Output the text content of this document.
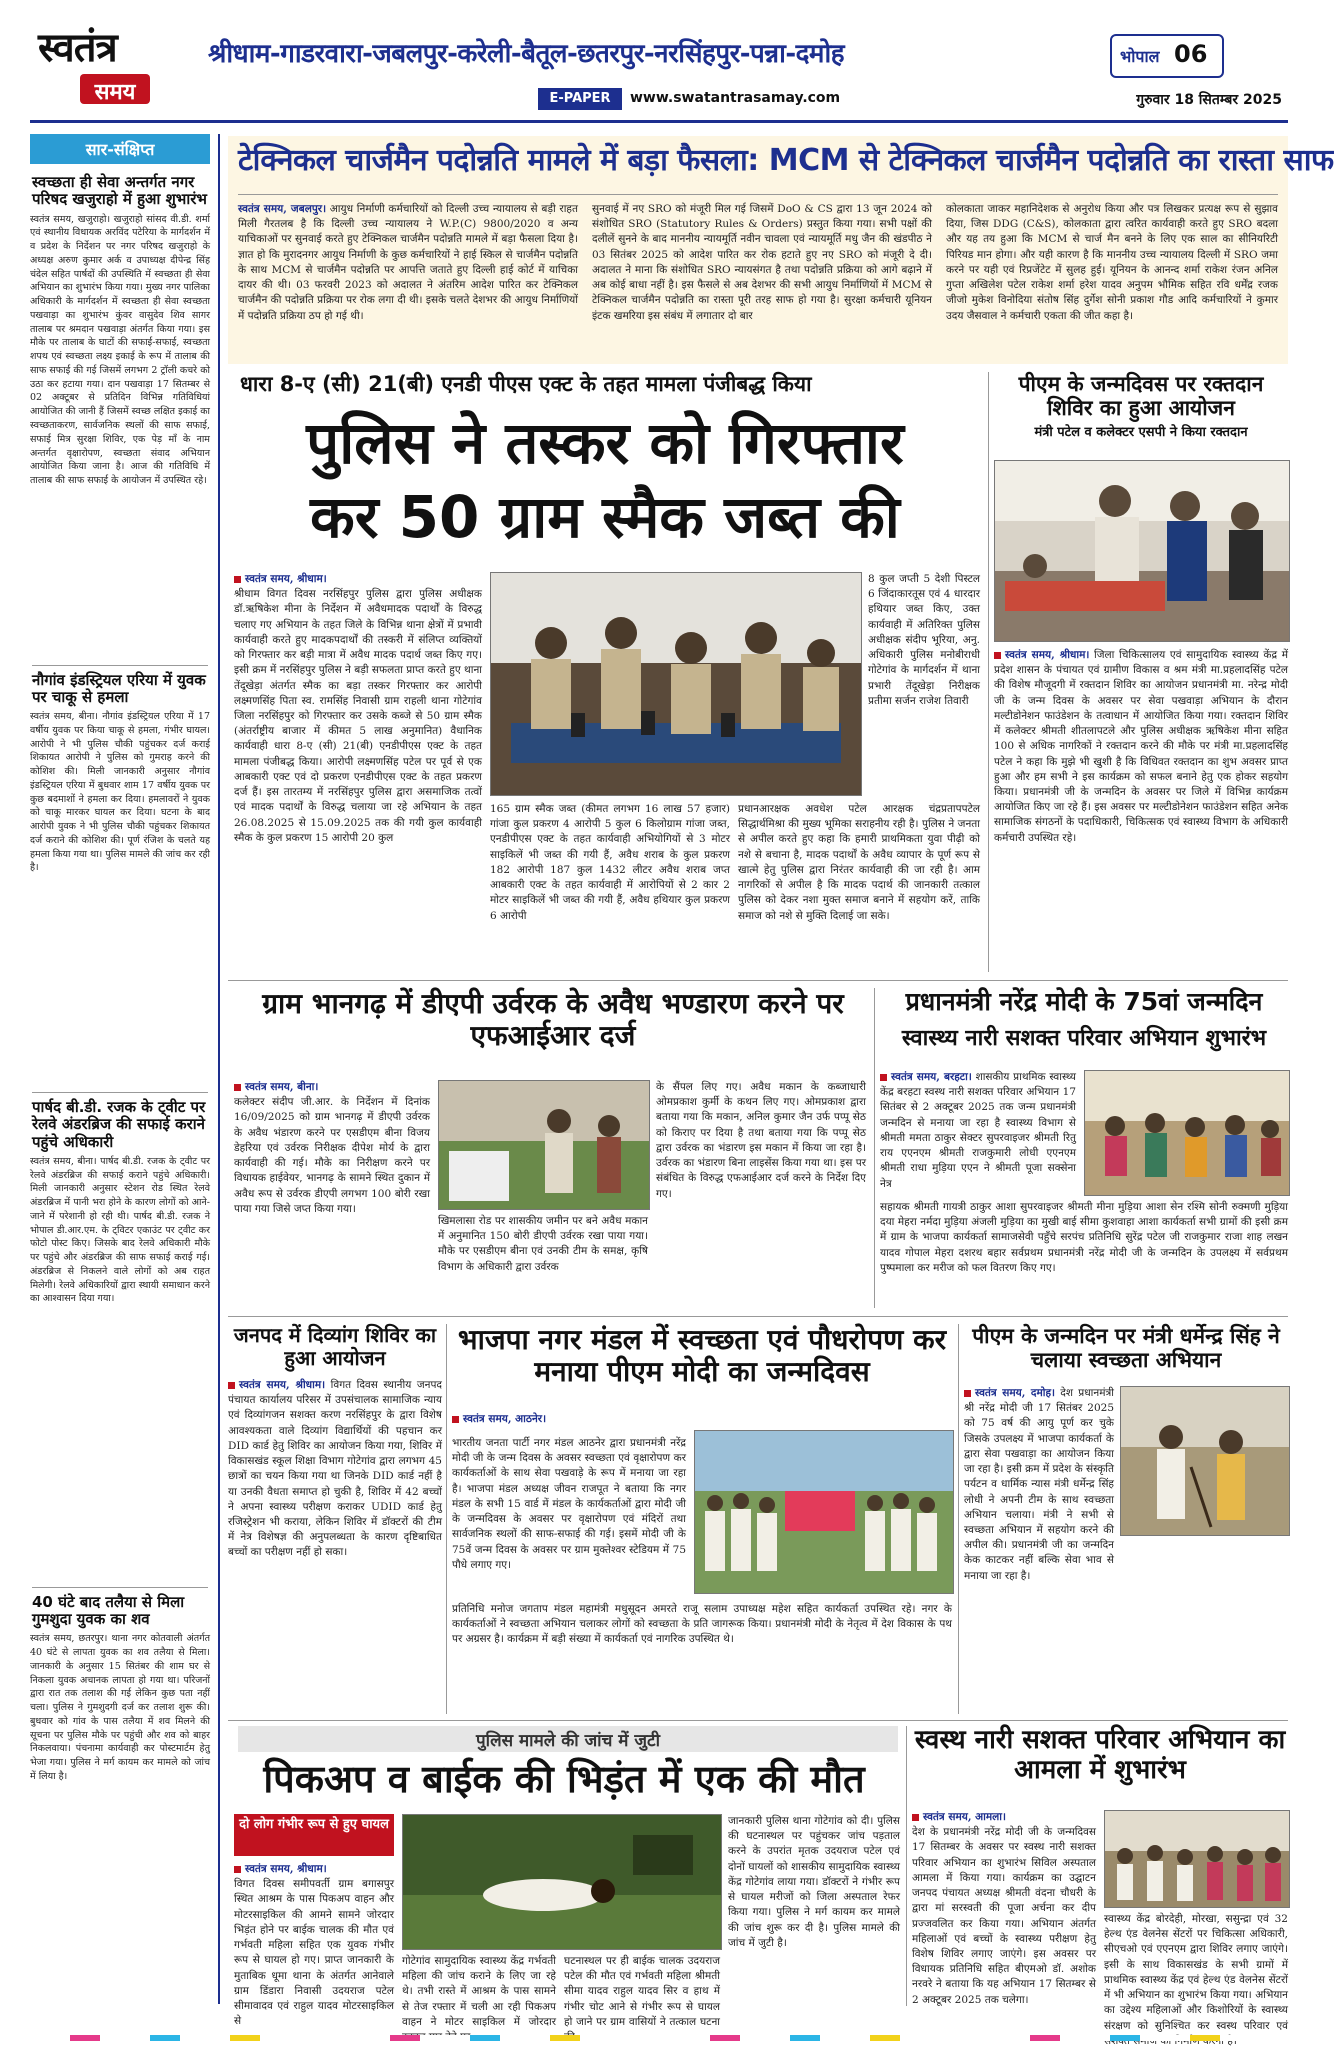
स्वतंत्र
समय
श्रीधाम-गाडरवारा-जबलपुर-करेली-बैतूल-छतरपुर-नरसिंहपुर-पन्ना-दमोह	भोपाल 06
E-PAPER	www.swatantrasamay.com	गुरुवार 18 सितम्बर 2025
सार-संक्षिप्त
स्वच्छता ही सेवा अन्तर्गत नगर परिषद खजुराहो में हुआ शुभारंभ
स्वतंत्र समय, खजुराहो। खजुराहो सांसद वी.डी. शर्मा एवं स्थानीय विधायक अरविंद पटेरिया के मार्गदर्शन में व प्रदेश के निर्देशन पर नगर परिषद खजुराहो के अध्यक्ष अरुण कुमार अर्क व उपाध्यक्ष दीपेन्द्र सिंह चंदेल सहित पार्षदों की उपस्थिति में स्वच्छता ही सेवा अभियान का शुभारंभ किया गया। मुख्य नगर पालिका अधिकारी के मार्गदर्शन में स्वच्छता ही सेवा स्वच्छता पखवाड़ा का शुभारंभ कुंवर वासुदेव शिव सागर तालाब पर श्रमदान पखवाड़ा अंतर्गत किया गया। इस मौके पर तालाब के घाटों की सफाई-सफाई, स्वच्छता शपथ एवं स्वच्छता लक्ष्य इकाई के रूप में तालाब की साफ सफाई की गई जिसमें लगभग 2 ट्रॉली कचरे को उठा कर हटाया गया। दान पखवाड़ा 17 सितम्बर से 02 अक्टूबर से प्रतिदिन विभिन्न गतिविधियां आयोजित की जानी हैं जिसमें स्वच्छ लक्षित इकाई का स्वच्छताकरण, सार्वजनिक स्थलों की साफ सफाई, सफाई मित्र सुरक्षा शिविर, एक पेड़ माँ के नाम अन्तर्गत वृक्षारोपण, स्वच्छता संवाद अभियान आयोजित किया जाना है। आज की गतिविधि में तालाब की साफ सफाई के आयोजन में उपस्थित रहे।
नौगांव इंडस्ट्रियल एरिया में युवक पर चाकू से हमला
स्वतंत्र समय, बीना। नौगांव इंडस्ट्रियल एरिया में 17 वर्षीय युवक पर किया चाकू से हमला, गंभीर घायल। आरोपी ने भी पुलिस चौकी पहुंचकर दर्ज कराई शिकायत आरोपी ने पुलिस को गुमराह करने की कोशिश की। मिली जानकारी अनुसार नौगांव इंडस्ट्रियल एरिया में बुधवार शाम 17 वर्षीय युवक पर कुछ बदमाशों ने हमला कर दिया। हमलावरों ने युवक को चाकू मारकर घायल कर दिया। घटना के बाद आरोपी युवक ने भी पुलिस चौकी पहुंचकर शिकायत दर्ज कराने की कोशिश की। पूर्ण रंजिश के चलते यह हमला किया गया था। पुलिस मामले की जांच कर रही है।
पार्षद बी.डी. रजक के ट्वीट पर रेलवे अंडरब्रिज की सफाई कराने पहुंचे अधिकारी
स्वतंत्र समय, बीना। पार्षद बी.डी. रजक के ट्वीट पर रेलवे अंडरब्रिज की सफाई कराने पहुंचे अधिकारी। मिली जानकारी अनुसार स्टेशन रोड स्थित रेलवे अंडरब्रिज में पानी भरा होने के कारण लोगों को आने-जाने में परेशानी हो रही थी। पार्षद बी.डी. रजक ने भोपाल डी.आर.एम. के ट्विटर एकाउंट पर ट्वीट कर फोटो पोस्ट किए। जिसके बाद रेलवे अधिकारी मौके पर पहुंचे और अंडरब्रिज की साफ सफाई कराई गई। अंडरब्रिज से निकलने वाले लोगों को अब राहत मिलेगी। रेलवे अधिकारियों द्वारा स्थायी समाधान करने का आश्वासन दिया गया।
40 घंटे बाद तलैया से मिला गुमशुदा युवक का शव
स्वतंत्र समय, छतरपुर। थाना नगर कोतवाली अंतर्गत 40 घंटे से लापता युवक का शव तलैया से मिला। जानकारी के अनुसार 15 सितंबर की शाम घर से निकला युवक अचानक लापता हो गया था। परिजनों द्वारा रात तक तलाश की गई लेकिन कुछ पता नहीं चला। पुलिस ने गुमशुदगी दर्ज कर तलाश शुरू की। बुधवार को गांव के पास तलैया में शव मिलने की सूचना पर पुलिस मौके पर पहुंची और शव को बाहर निकलवाया। पंचनामा कार्यवाही कर पोस्टमार्टम हेतु भेजा गया। पुलिस ने मर्ग कायम कर मामले को जांच में लिया है।
टेक्निकल चार्जमैन पदोन्नति मामले में बड़ा फैसला: MCM से टेक्निकल चार्जमैन पदोन्नति का रास्ता साफ
स्वतंत्र समय, जबलपुर। आयुध निर्माणी कर्मचारियों को दिल्ली उच्च न्यायालय से बड़ी राहत मिली गैरतलब है कि दिल्ली उच्च न्यायालय ने W.P.(C) 9800/2020 व अन्य याचिकाओं पर सुनवाई करते हुए टेक्निकल चार्जमैन पदोन्नति मामले में बड़ा फैसला दिया है। ज्ञात हो कि मुरादनगर आयुध निर्माणी के कुछ कर्मचारियों ने हाई स्किल से चार्जमैन पदोन्नति के साथ MCM से चार्जमैन पदोन्नति पर आपत्ति जताते हुए दिल्ली हाई कोर्ट में याचिका दायर की थी। 03 फरवरी 2023 को अदालत ने अंतरिम आदेश पारित कर टेक्निकल चार्जमैन की पदोन्नति प्रक्रिया पर रोक लगा दी थी। इसके चलते देशभर की आयुध निर्माणियों में पदोन्नति प्रक्रिया ठप हो गई थी।
सुनवाई में नए SRO को मंजूरी मिल गई जिसमें DoO & CS द्वारा 13 जून 2024 को संशोधित SRO (Statutory Rules & Orders) प्रस्तुत किया गया। सभी पक्षों की दलीलें सुनने के बाद माननीय न्यायमूर्ति नवीन चावला एवं न्यायमूर्ति मधु जैन की खंडपीठ ने 03 सितंबर 2025 को आदेश पारित कर रोक हटाते हुए नए SRO को मंजूरी दे दी। अदालत ने माना कि संशोधित SRO न्यायसंगत है तथा पदोन्नति प्रक्रिया को आगे बढ़ाने में अब कोई बाधा नहीं है। इस फैसले से अब देशभर की सभी आयुध निर्माणियों में MCM से टेक्निकल चार्जमैन पदोन्नति का रास्ता पूरी तरह साफ हो गया है। सुरक्षा कर्मचारी यूनियन इंटक खमरिया इस संबंध में लगातार दो बार
कोलकाता जाकर महानिदेशक से अनुरोध किया और पत्र लिखकर प्रत्यक्ष रूप से सुझाव दिया, जिस DDG (C&S), कोलकाता द्वारा त्वरित कार्यवाही करते हुए SRO बदला और यह तय हुआ कि MCM से चार्ज मैन बनने के लिए एक साल का सीनियरिटी पिरियड मान होगा। और यही कारण है कि माननीय उच्च न्यायालय दिल्ली में SRO जमा करने पर यही एवं रिप्रजेंटेट में सुलह हुई। यूनियन के आनन्द शर्मा राकेश रंजन अनिल गुप्ता अखिलेश पटेल राकेश शर्मा हरेश यादव अनुपम भौमिक सहित रवि धर्मेंद्र रजक जीजो मुकेश विनोदिया संतोष सिंह दुर्गेश सोनी प्रकाश गौड आदि कर्मचारियों ने कुमार उदय जैसवाल ने कर्मचारी एकता की जीत कहा है।
धारा 8-ए (सी) 21(बी) एनडी पीएस एक्ट के तहत मामला पंजीबद्ध किया
पुलिस ने तस्कर को गिरफ्तार
कर 50 ग्राम स्मैक जब्त की
स्वतंत्र समय, श्रीधाम।
श्रीधाम विगत दिवस नरसिंहपुर पुलिस द्वारा पुलिस अधीक्षक डॉ.ऋषिकेश मीना के निर्देशन में अवैधमादक पदार्थों के विरुद्ध चलाए गए अभियान के तहत जिले के विभिन्न थाना क्षेत्रों में प्रभावी कार्यवाही करते हुए मादकपदार्थों की तस्करी में संलिप्त व्यक्तियों को गिरफ्तार कर बड़ी मात्रा में अवैध मादक पदार्थ जब्त किए गए। इसी क्रम में नरसिंहपुर पुलिस ने बड़ी सफलता प्राप्त करते हुए थाना तेंदूखेड़ा अंतर्गत स्मैक का बड़ा तस्कर गिरफ्तार कर आरोपी लक्ष्मणसिंह पिता स्व. रामसिंह निवासी ग्राम राहली थाना गोटेगांव जिला नरसिंहपुर को गिरफ्तार कर उसके कब्जे से 50 ग्राम स्मैक (अंतर्राष्ट्रीय बाजार में कीमत 5 लाख अनुमानित) वैधानिक कार्यवाही धारा 8-ए (सी) 21(बी) एनडीपीएस एक्ट के तहत मामला पंजीबद्ध किया। आरोपी लक्ष्मणसिंह पटेल पर पूर्व से एक आबकारी एक्ट एवं दो प्रकरण एनडीपीएस एक्ट के तहत प्रकरण दर्ज हैं। इस तारतम्य में नरसिंहपुर पुलिस द्वारा असमाजिक तत्वों एवं मादक पदार्थों के विरुद्ध चलाया जा रहे अभियान के तहत 26.08.2025 से 15.09.2025 तक की गयी कुल कार्यवाही स्मैक के कुल प्रकरण 15 आरोपी 20 कुल
8 कुल जप्ती 5 देशी पिस्टल 6 जिंदाकारतूस एवं 4 धारदार हथियार जब्त किए, उक्त कार्यवाही में अतिरिक्त पुलिस अधीक्षक संदीप भूरिया, अनु. अधिकारी पुलिस मनोबीराधी गोटेगांव के मार्गदर्शन में थाना प्रभारी तेंदूखेड़ा निरीक्षक प्रतीमा सर्जन राजेश तिवारी
165 ग्राम स्मैक जब्त (कीमत लगभग 16 लाख 57 हजार) गांजा कुल प्रकरण 4 आरोपी 5 कुल 6 किलोग्राम गांजा जब्त, एनडीपीएस एक्ट के तहत कार्यवाही अभियोगियों से 3 मोटर साइकिलें भी जब्त की गयी हैं, अवैध शराब के कुल प्रकरण 182 आरोपी 187 कुल 1432 लीटर अवैध शराब जप्त आबकारी एक्ट के तहत कार्यवाही में आरोपियों से 2 कार 2 मोटर साइकिलें भी जब्त की गयी हैं, अवैध हथियार कुल प्रकरण 6 आरोपी
प्रधानआरक्षक अवधेश पटेल आरक्षक चंद्रप्रतापपटेल सिद्धार्थमिश्रा की मुख्य भूमिका सराहनीय रही है। पुलिस ने जनता से अपील करते हुए कहा कि हमारी प्राथमिकता युवा पीढ़ी को नशे से बचाना है, मादक पदार्थों के अवैध व्यापार के पूर्ण रूप से खात्मे हेतु पुलिस द्वारा निरंतर कार्यवाही की जा रही है। आम नागरिकों से अपील है कि मादक पदार्थ की जानकारी तत्काल पुलिस को देकर नशा मुक्त समाज बनाने में सहयोग करें, ताकि समाज को नशे से मुक्ति दिलाई जा सके।
पीएम के जन्मदिवस पर रक्तदान शिविर का हुआ आयोजन
मंत्री पटेल व कलेक्टर एसपी ने किया रक्तदान
स्वतंत्र समय, श्रीधाम। जिला चिकित्सालय एवं सामुदायिक स्वास्थ्य केंद्र में प्रदेश शासन के पंचायत एवं ग्रामीण विकास व श्रम मंत्री मा.प्रहलादसिंह पटेल की विशेष मौजूदगी में रक्तदान शिविर का आयोजन प्रधानमंत्री मा. नरेन्द्र मोदी जी के जन्म दिवस के अवसर पर सेवा पखवाड़ा अभियान के दौरान मल्टीडोनेशन फाउंडेशन के तत्वाधान में आयोजित किया गया। रक्तदान शिविर में कलेक्टर श्रीमती शीतलापटले और पुलिस अधीक्षक ऋषिकेश मीना सहित 100 से अधिक नागरिकों ने रक्तदान करने की मौके पर मंत्री मा.प्रहलादसिंह पटेल ने कहा कि मुझे भी खुशी है कि विधिवत रक्तदान का शुभ अवसर प्राप्त हुआ और हम सभी ने इस कार्यक्रम को सफल बनाने हेतु एक होकर सहयोग किया। प्रधानमंत्री जी के जन्मदिन के अवसर पर जिले में विभिन्न कार्यक्रम आयोजित किए जा रहे हैं। इस अवसर पर मल्टीडोनेशन फाउंडेशन सहित अनेक सामाजिक संगठनों के पदाधिकारी, चिकित्सक एवं स्वास्थ्य विभाग के अधिकारी कर्मचारी उपस्थित रहे।
ग्राम भानगढ़ में डीएपी उर्वरक के अवैध भण्डारण करने पर एफआईआर दर्ज
स्वतंत्र समय, बीना।
कलेक्टर संदीप जी.आर. के निर्देशन में दिनांक 16/09/2025 को ग्राम भानगढ़ में डीएपी उर्वरक के अवैध भंडारण करने पर एसडीएम बीना विजय डेहरिया एवं उर्वरक निरीक्षक दीपेश मोर्य के द्वारा कार्यवाही की गई। मौके का निरीक्षण करने पर विधायक हाईवेयर, भानगढ़ के सामने स्थित दुकान में अवैध रूप से उर्वरक डीएपी लगभग 100 बोरी रखा पाया गया जिसे जप्त किया गया।
खिमलासा रोड पर शासकीय जमीन पर बने अवैध मकान में अनुमानित 150 बोरी डीएपी उर्वरक रखा पाया गया। मौके पर एसडीएम बीना एवं उनकी टीम के समक्ष, कृषि विभाग के अधिकारी द्वारा उर्वरक
के सैंपल लिए गए। अवैध मकान के कब्जाधारी ओमप्रकाश कुर्मी के कथन लिए गए। ओमप्रकाश द्वारा बताया गया कि मकान, अनिल कुमार जैन उर्फ पप्पू सेठ को किराए पर दिया है तथा बताया गया कि पप्पू सेठ द्वारा उर्वरक का भंडारण इस मकान में किया जा रहा है। उर्वरक का भंडारण बिना लाइसेंस किया गया था। इस पर संबंधित के विरुद्ध एफआईआर दर्ज करने के निर्देश दिए गए।
प्रधानमंत्री नरेंद्र मोदी के 75वां जन्मदिन
स्वास्थ्य नारी सशक्त परिवार अभियान शुभारंभ
स्वतंत्र समय, बरहटा। शासकीय प्राथमिक स्वास्थ्य केंद्र बरहटा स्वस्थ नारी सशक्त परिवार अभियान 17 सितंबर से 2 अक्टूबर 2025 तक जन्म प्रधानमंत्री जन्मदिन से मनाया जा रहा है स्वास्थ्य विभाग से श्रीमती ममता ठाकुर सेक्टर सुपरवाइजर श्रीमती रितु राय एएनएम श्रीमती राजकुमारी लोधी एएनएम श्रीमती राधा मुड़िया एएन ने श्रीमती पूजा सक्सेना नेत्र
सहायक श्रीमती गायत्री ठाकुर आशा सुपरवाइजर श्रीमती मीना मुड़िया आशा सेन रश्मि सोनी रुक्मणी मुड़िया दया मेहरा नर्मदा मुड़िया अंजली मुड़िया का मुखी बाई सीमा कुशवाहा आशा कार्यकर्ता सभी ग्रामों की इसी क्रम में ग्राम के भाजपा कार्यकर्ता सामाजसेवी पहुँचे सरपंच प्रतिनिधि सुरेंद्र पटेल जी राजकुमार राजा शाह लखन यादव गोपाल मेहरा दशरथ बहार सर्वप्रथम प्रधानमंत्री नरेंद्र मोदी जी के जन्मदिन के उपलक्ष्य में सर्वप्रथम पुष्पमाला कर मरीज को फल वितरण किए गए।
जनपद में दिव्यांग शिविर का हुआ आयोजन
स्वतंत्र समय, श्रीधाम। विगत दिवस स्थानीय जनपद पंचायत कार्यालय परिसर में उपसंचालक सामाजिक न्याय एवं दिव्यांगजन सशक्त करण नरसिंहपुर के द्वारा विशेष आवश्यकता वाले दिव्यांग विद्यार्थियों की पहचान कर DID कार्ड हेतु शिविर का आयोजन किया गया, शिविर में विकासखंड स्कूल शिक्षा विभाग गोटेगांव द्वारा लगभग 45 छात्रों का चयन किया गया था जिनके DID कार्ड नहीं है या उनकी वैधता समाप्त हो चुकी है, शिविर में 42 बच्चों ने अपना स्वास्थ्य परीक्षण कराकर UDID कार्ड हेतु रजिस्ट्रेशन भी कराया, लेकिन शिविर में डॉक्टरों की टीम में नेत्र विशेषज्ञ की अनुपलब्धता के कारण दृष्टिबाधित बच्चों का परीक्षण नहीं हो सका।
भाजपा नगर मंडल में स्वच्छता एवं पौधरोपण कर मनाया पीएम मोदी का जन्मदिवस
स्वतंत्र समय, आठनेर।
भारतीय जनता पार्टी नगर मंडल आठनेर द्वारा प्रधानमंत्री नरेंद्र मोदी जी के जन्म दिवस के अवसर स्वच्छता एवं वृक्षारोपण कर कार्यकर्ताओं के साथ सेवा पखवाड़े के रूप में मनाया जा रहा है। भाजपा मंडल अध्यक्ष जीवन राजपूत ने बताया कि नगर मंडल के सभी 15 वार्ड में मंडल के कार्यकर्ताओं द्वारा मोदी जी के जन्मदिवस के अवसर पर वृक्षारोपण एवं मंदिरों तथा सार्वजनिक स्थलों की साफ-सफाई की गई। इसमें मोदी जी के 75वें जन्म दिवस के अवसर पर ग्राम मुक्तेश्वर स्टेडियम में 75 पौधे लगाए गए।
प्रतिनिधि मनोज जगताप मंडल महामंत्री मधुसूदन अमरते राजू सलाम उपाध्यक्ष महेश सहित कार्यकर्ता उपस्थित रहे। नगर के कार्यकर्ताओं ने स्वच्छता अभियान चलाकर लोगों को स्वच्छता के प्रति जागरूक किया। प्रधानमंत्री मोदी के नेतृत्व में देश विकास के पथ पर अग्रसर है। कार्यक्रम में बड़ी संख्या में कार्यकर्ता एवं नागरिक उपस्थित थे।
पीएम के जन्मदिन पर मंत्री धर्मेन्द्र सिंह ने चलाया स्वच्छता अभियान
स्वतंत्र समय, दमोह। देश प्रधानमंत्री श्री नरेंद्र मोदी जी 17 सितंबर 2025 को 75 वर्ष की आयु पूर्ण कर चुके जिसके उपलक्ष्य में भाजपा कार्यकर्ता के द्वारा सेवा पखवाड़ा का आयोजन किया जा रहा है। इसी क्रम में प्रदेश के संस्कृति पर्यटन व धार्मिक न्यास मंत्री धर्मेन्द्र सिंह लोधी ने अपनी टीम के साथ स्वच्छता अभियान चलाया। मंत्री ने सभी से स्वच्छता अभियान में सहयोग करने की अपील की। प्रधानमंत्री जी का जन्मदिन केक काटकर नहीं बल्कि सेवा भाव से मनाया जा रहा है।
पुलिस मामले की जांच में जुटी
पिकअप व बाईक की भिड़ंत में एक की मौत
दो लोग गंभीर रूप से हुए घायल
स्वतंत्र समय, श्रीधाम।
विगत दिवस समीपवर्ती ग्राम बगासपुर स्थित आश्रम के पास पिकअप वाहन और मोटरसाइकिल की आमने सामने जोरदार भिड़ंत होने पर बाईक चालक की मौत एवं गर्भवती महिला सहित एक युवक गंभीर रूप से घायल हो गए। प्राप्त जानकारी के मुताबिक धूमा थाना के अंतर्गत आनेवाले ग्राम डिंडारा निवासी उदयराज पटेल सीमावादव एवं राहुल यादव मोटरसाइकिल से
गोटेगांव सामुदायिक स्वास्थ्य केंद्र गर्भवती महिला की जांच कराने के लिए जा रहे थे। तभी रास्ते में आश्रम के पास सामने से तेज रफ्तार में चली आ रही पिकअप वाहन ने मोटर साइकिल में जोरदार
घटनास्थल पर ही बाईक चालक उदयराज पटेल की मौत एवं गर्भवती महिला श्रीमती सीमा यादव राहुल यादव सिर व हाथ में गंभीर चोट आने से गंभीर रूप से घायल हो जाने पर ग्राम वासियों ने तत्काल घटना
जानकारी पुलिस थाना गोटेगांव को दी। पुलिस की घटनास्थल पर पहुंचकर जांच पड़ताल करने के उपरांत मृतक उदयराज पटेल एवं दोनों घायलों को शासकीय सामुदायिक स्वास्थ्य केंद्र गोटेगांव लाया गया। डॉक्टरों ने गंभीर रूप से घायल मरीजों को जिला अस्पताल रेफर किया गया। पुलिस ने मर्ग कायम कर मामले की जांच शुरू कर दी है। पुलिस मामले की जांच में जुटी है।
स्वस्थ नारी सशक्त परिवार अभियान का आमला में शुभारंभ
स्वतंत्र समय, आमला।
देश के प्रधानमंत्री नरेंद्र मोदी जी के जन्मदिवस 17 सितम्बर के अवसर पर स्वस्थ नारी सशक्त परिवार अभियान का शुभारंभ सिविल अस्पताल आमला में किया गया। कार्यक्रम का उद्घाटन जनपद पंचायत अध्यक्ष श्रीमती वंदना चौधरी के द्वारा मां सरस्वती की पूजा अर्चना कर दीप प्रज्जवलित कर किया गया। अभियान अंतर्गत महिलाओं एवं बच्चों के स्वास्थ्य परीक्षण हेतु विशेष शिविर लगाए जाएंगे। इस अवसर पर विधायक प्रतिनिधि सहित बीएमओ डॉ. अशोक नरवरे ने बताया कि यह अभियान 17 सितम्बर से 2 अक्टूबर 2025 तक चलेगा।
स्वास्थ्य केंद्र बोरदेही, मोरखा, ससुन्द्रा एवं 32 हेल्थ एंड वेलनेस सेंटरों पर चिकित्सा अधिकारी, सीएचओ एवं एएनएम द्वारा शिविर लगाए जाएंगे। इसी के साथ विकासखंड के सभी ग्रामों में प्राथमिक स्वास्थ्य केंद्र एवं हेल्थ एंड वेलनेस सेंटरों में भी अभियान का शुभारंभ किया गया। अभियान का उद्देश्य महिलाओं और किशोरियों के स्वास्थ्य संरक्षण को सुनिश्चित कर स्वस्थ परिवार एवं
